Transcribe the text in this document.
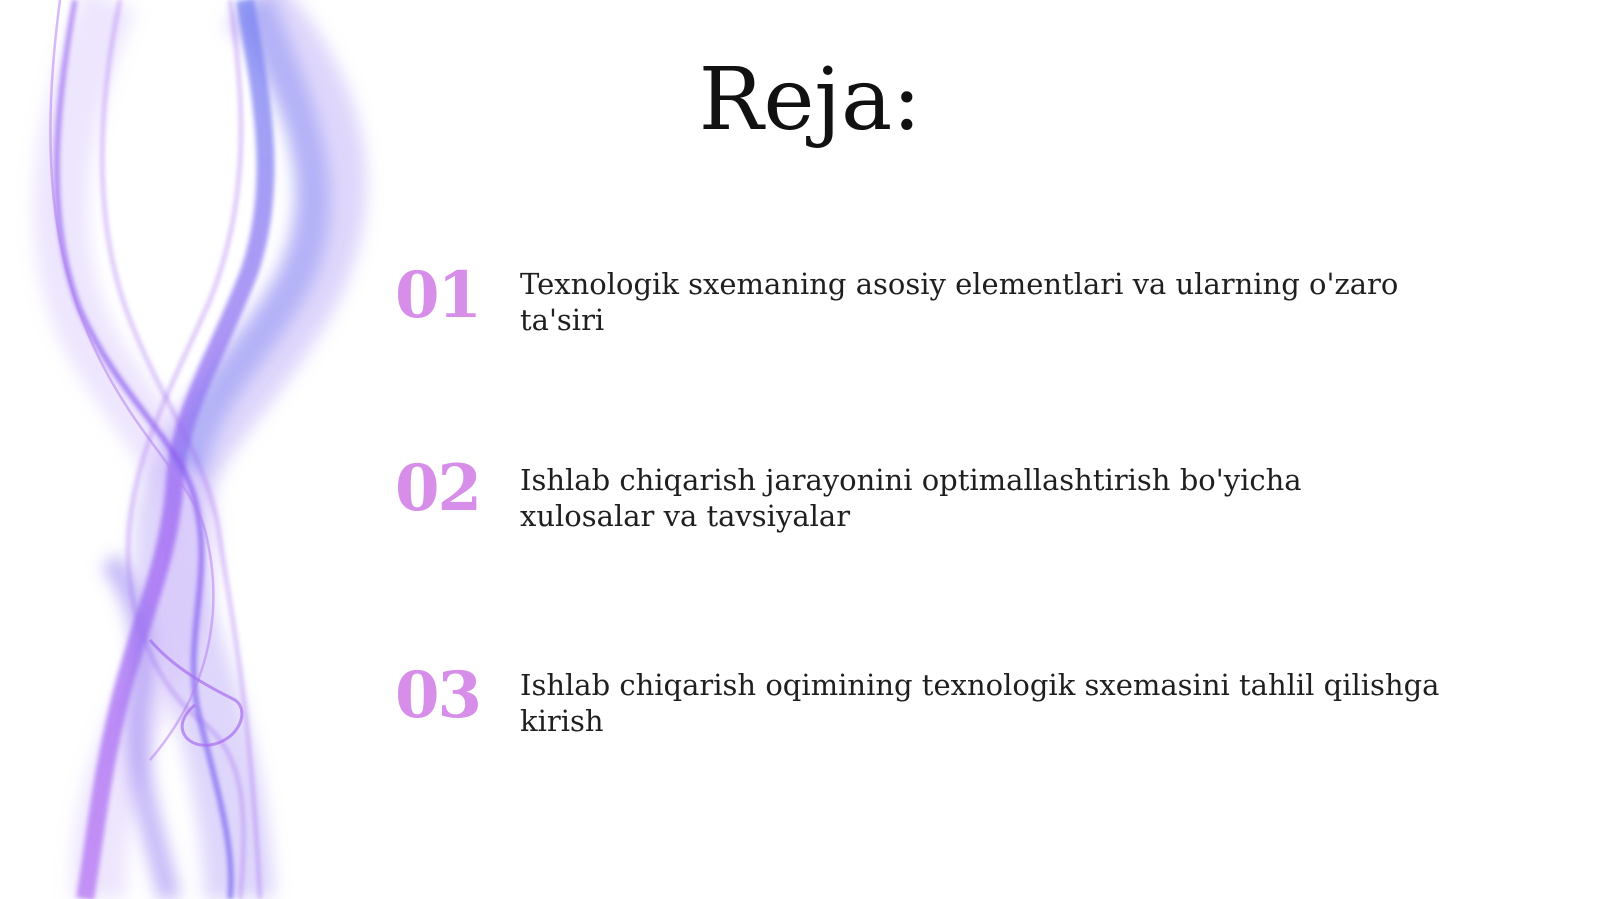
Reja:
01	Texnologik sxemaning asosiy elementlari va ularning o'zaro ta'siri
02	Ishlab chiqarish jarayonini optimallashtirish bo'yicha xulosalar va tavsiyalar
03	Ishlab chiqarish oqimining texnologik sxemasini tahlil qilishga kirish
